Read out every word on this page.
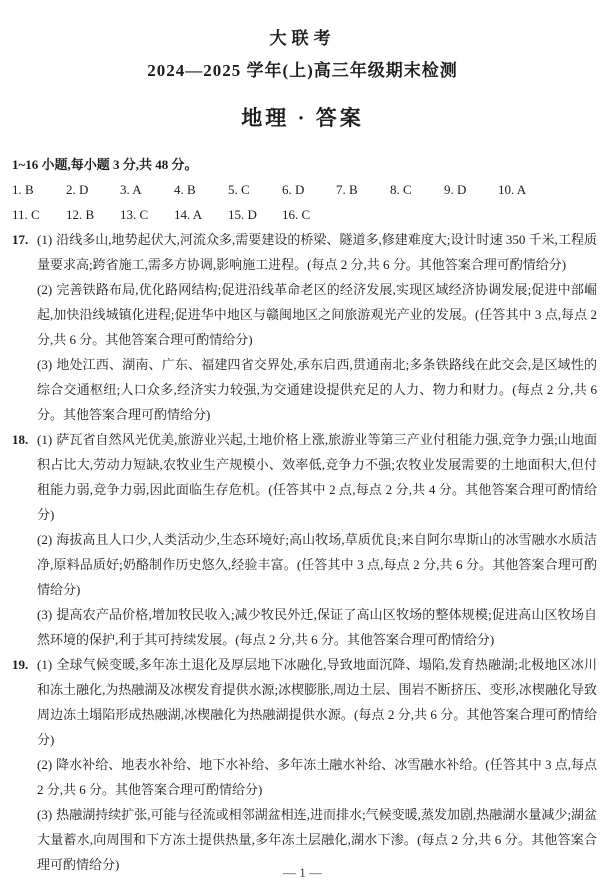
大联考
2024—2025 学年(上)高三年级期末检测
地理 · 答案

1~16 小题,每小题 3 分,共 48 分。

1. B	2. D	3. A	4. B	5. C	6. D	7. B	8. C	9. D	10. A
11. C	12. B	13. C	14. A	15. D	16. C
17. (1) 沿线多山,地势起伏大,河流众多,需要建设的桥梁、隧道多,修建难度大;设计时速 350 千米,工程质量要求高;跨省施工,需多方协调,影响施工进程。(每点 2 分,共 6 分。其他答案合理可酌情给分)

(2) 完善铁路布局,优化路网结构;促进沿线革命老区的经济发展,实现区域经济协调发展;促进中部崛起,加快沿线城镇化进程;促进华中地区与赣闽地区之间旅游观光产业的发展。(任答其中 3 点,每点 2 分,共 6 分。其他答案合理可酌情给分)

(3) 地处江西、湖南、广东、福建四省交界处,承东启西,贯通南北;多条铁路线在此交会,是区域性的综合交通枢纽;人口众多,经济实力较强,为交通建设提供充足的人力、物力和财力。(每点 2 分,共 6 分。其他答案合理可酌情给分)

18. (1) 萨瓦省自然风光优美,旅游业兴起,土地价格上涨,旅游业等第三产业付租能力强,竞争力强;山地面积占比大,劳动力短缺,农牧业生产规模小、效率低,竞争力不强;农牧业发展需要的土地面积大,但付租能力弱,竞争力弱,因此面临生存危机。(任答其中 2 点,每点 2 分,共 4 分。其他答案合理可酌情给分)

(2) 海拔高且人口少,人类活动少,生态环境好;高山牧场,草质优良;来自阿尔卑斯山的冰雪融水水质洁净,原料品质好;奶酪制作历史悠久,经验丰富。(任答其中 3 点,每点 2 分,共 6 分。其他答案合理可酌情给分)

(3) 提高农产品价格,增加牧民收入;减少牧民外迁,保证了高山区牧场的整体规模;促进高山区牧场自然环境的保护,利于其可持续发展。(每点 2 分,共 6 分。其他答案合理可酌情给分)

19. (1) 全球气候变暖,多年冻土退化及厚层地下冰融化,导致地面沉降、塌陷,发育热融湖;北极地区冰川和冻土融化,为热融湖及冰楔发育提供水源;冰楔膨胀,周边土层、围岩不断挤压、变形,冰楔融化导致周边冻土塌陷形成热融湖,冰楔融化为热融湖提供水源。(每点 2 分,共 6 分。其他答案合理可酌情给分)

(2) 降水补给、地表水补给、地下水补给、多年冻土融水补给、冰雪融水补给。(任答其中 3 点,每点 2 分,共 6 分。其他答案合理可酌情给分)

(3) 热融湖持续扩张,可能与径流或相邻湖盆相连,进而排水;气候变暖,蒸发加剧,热融湖水量减少;湖盆大量蓄水,向周围和下方冻土提供热量,多年冻土层融化,湖水下渗。(每点 2 分,共 6 分。其他答案合理可酌情给分)

— 1 —
